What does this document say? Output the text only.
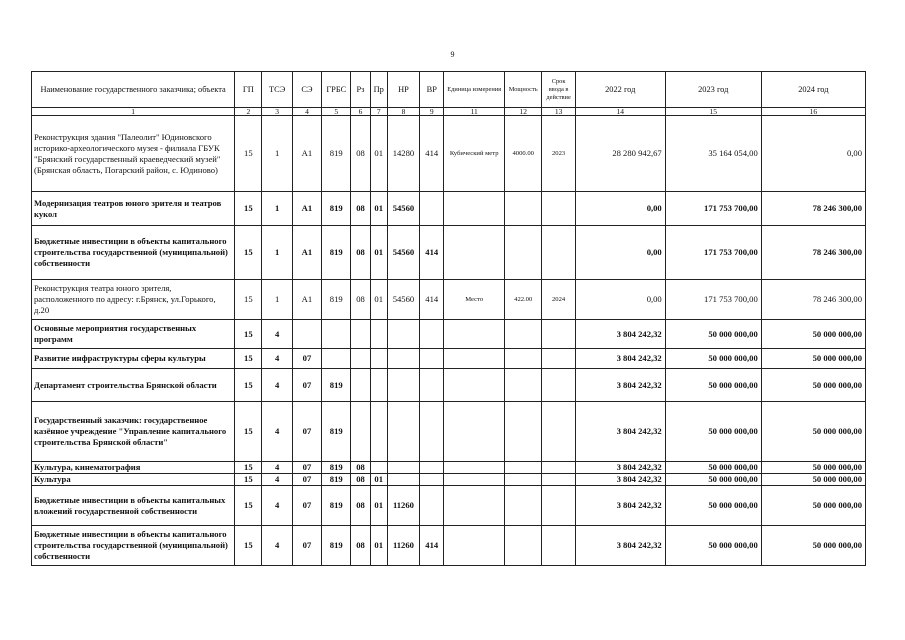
9
Наименование государственного заказчика; объекта	ГП	ТСЭ	СЭ	ГРБС	Рз	Пр	НР	ВР	Единица измерения	Мощность	Срок ввода в действие	2022 год	2023 год	2024 год
1	2	3	4	5	6	7	8	9	11	12	13	14	15	16
Реконструкция здания "Палеолит" Юдиновского историко-археологического музея - филиала ГБУК "Брянский государственный краеведческий музей" (Брянская область, Погарский район, с. Юдиново)	15	1	А1	819	08	01	14280	414	Кубический метр	4000.00	2023	28 280 942,67	35 164 054,00	0,00
Модернизация театров юного зрителя и театров кукол	15	1	А1	819	08	01	54560					0,00	171 753 700,00	78 246 300,00
Бюджетные инвестиции в объекты капитального строительства государственной (муниципальной) собственности	15	1	А1	819	08	01	54560	414				0,00	171 753 700,00	78 246 300,00
Реконструкция театра юного зрителя, расположенного по адресу: г.Брянск, ул.Горького, д.20	15	1	А1	819	08	01	54560	414	Место	422.00	2024	0,00	171 753 700,00	78 246 300,00
Основные мероприятия государственных программ	15	4										3 804 242,32	50 000 000,00	50 000 000,00
Развитие инфраструктуры сферы культуры	15	4	07									3 804 242,32	50 000 000,00	50 000 000,00
Департамент строительства Брянской области	15	4	07	819								3 804 242,32	50 000 000,00	50 000 000,00
Государственный заказчик: государственное казённое учреждение "Управление капитального строительства Брянской области"	15	4	07	819								3 804 242,32	50 000 000,00	50 000 000,00
Культура, кинематография	15	4	07	819	08							3 804 242,32	50 000 000,00	50 000 000,00
Культура	15	4	07	819	08	01						3 804 242,32	50 000 000,00	50 000 000,00
Бюджетные инвестиции в объекты капитальных вложений государственной собственности	15	4	07	819	08	01	11260					3 804 242,32	50 000 000,00	50 000 000,00
Бюджетные инвестиции в объекты капитального строительства государственной (муниципальной) собственности	15	4	07	819	08	01	11260	414				3 804 242,32	50 000 000,00	50 000 000,00
